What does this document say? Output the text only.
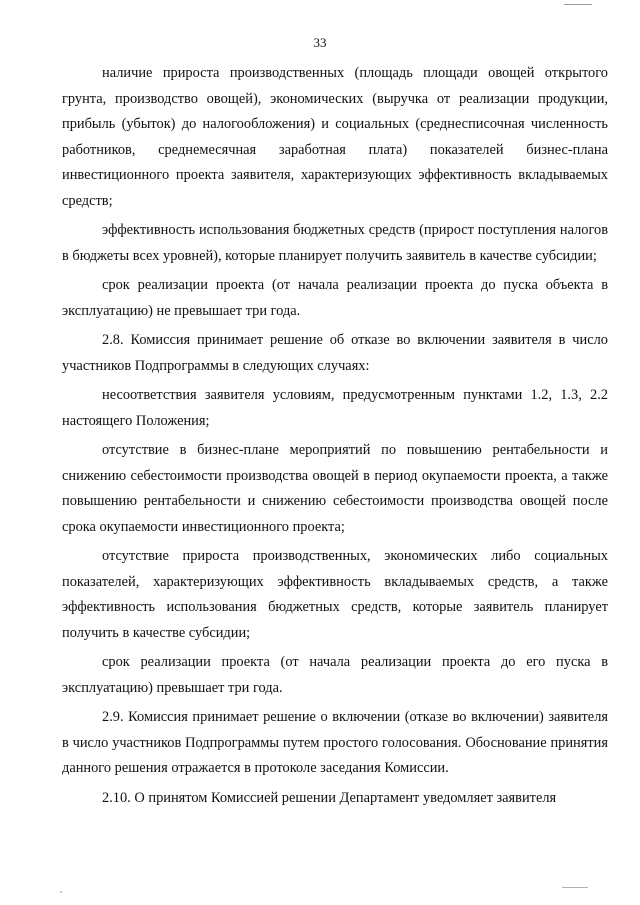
33

наличие прироста производственных (площадь площади овощей открытого грунта, производство овощей), экономических (выручка от реализации продукции, прибыль (убыток) до налогообложения) и социальных (среднесписочная численность работников, среднемесячная заработная плата) показателей бизнес-плана инвестиционного проекта заявителя, характеризующих эффективность вкладываемых средств;

эффективность использования бюджетных средств (прирост поступления налогов в бюджеты всех уровней), которые планирует получить заявитель в качестве субсидии;

срок реализации проекта (от начала реализации проекта до пуска объекта в эксплуатацию) не превышает три года.

2.8. Комиссия принимает решение об отказе во включении заявителя в число участников Подпрограммы в следующих случаях:

несоответствия заявителя условиям, предусмотренным пунктами 1.2, 1.3, 2.2 настоящего Положения;

отсутствие в бизнес-плане мероприятий по повышению рентабельности и снижению себестоимости производства овощей в период окупаемости проекта, а также повышению рентабельности и снижению себестоимости производства овощей после срока окупаемости инвестиционного проекта;

отсутствие прироста производственных, экономических либо социальных показателей, характеризующих эффективность вкладываемых средств, а также эффективность использования бюджетных средств, которые заявитель планирует получить в качестве субсидии;

срок реализации проекта (от начала реализации проекта до его пуска в эксплуатацию) превышает три года.

2.9. Комиссия принимает решение о включении (отказе во включении) заявителя в число участников Подпрограммы путем простого голосования. Обоснование принятия данного решения отражается в протоколе заседания Комиссии.

2.10. О принятом Комиссией решении Департамент уведомляет заявителя
